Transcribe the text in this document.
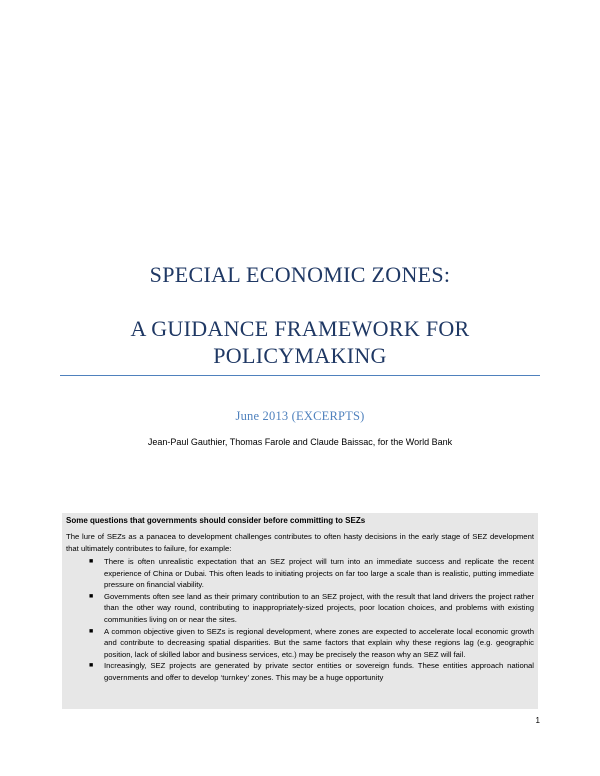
SPECIAL ECONOMIC ZONES:
A GUIDANCE FRAMEWORK FOR
POLICYMAKING
June 2013 (EXCERPTS)
Jean-Paul Gauthier, Thomas Farole and Claude Baissac, for the World Bank
Some questions that governments should consider before committing to SEZs
The lure of SEZs as a panacea to development challenges contributes to often hasty decisions in the early stage of SEZ development that ultimately contributes to failure, for example:
■ There is often unrealistic expectation that an SEZ project will turn into an immediate success and replicate the recent experience of China or Dubai. This often leads to initiating projects on far too large a scale than is realistic, putting immediate pressure on financial viability.
■ Governments often see land as their primary contribution to an SEZ project, with the result that land drivers the project rather than the other way round, contributing to inappropriately-sized projects, poor location choices, and problems with existing communities living on or near the sites.
■ A common objective given to SEZs is regional development, where zones are expected to accelerate local economic growth and contribute to decreasing spatial disparities. But the same factors that explain why these regions lag (e.g. geographic position, lack of skilled labor and business services, etc.) may be precisely the reason why an SEZ will fail.
■ Increasingly, SEZ projects are generated by private sector entities or sovereign funds. These entities approach national governments and offer to develop ‘turnkey’ zones. This may be a huge opportunity
1
